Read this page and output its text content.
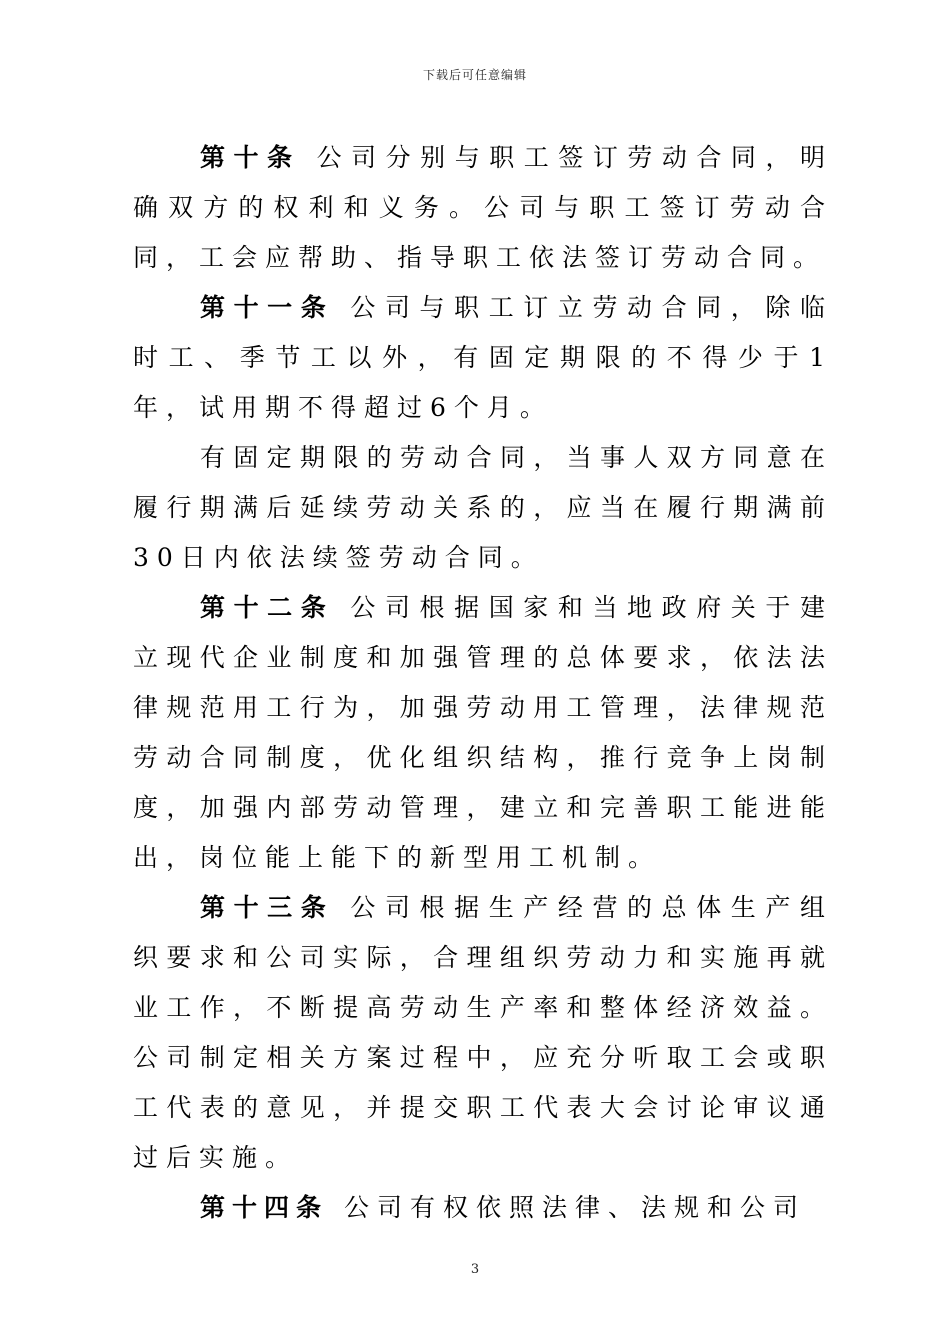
下载后可任意编辑

第十条 公司分别与职工签订劳动合同，明确双方的权利和义务。公司与职工签订劳动合同，工会应帮助、指导职工依法签订劳动合同。

第十一条 公司与职工订立劳动合同，除临时工、季节工以外，有固定期限的不得少于1年，试用期不得超过6个月。

有固定期限的劳动合同，当事人双方同意在履行期满后延续劳动关系的，应当在履行期满前30日内依法续签劳动合同。

第十二条 公司根据国家和当地政府关于建立现代企业制度和加强管理的总体要求，依法法律规范用工行为，加强劳动用工管理，法律规范劳动合同制度，优化组织结构，推行竞争上岗制度，加强内部劳动管理，建立和完善职工能进能出，岗位能上能下的新型用工机制。

第十三条 公司根据生产经营的总体生产组织要求和公司实际，合理组织劳动力和实施再就业工作，不断提高劳动生产率和整体经济效益。公司制定相关方案过程中，应充分听取工会或职工代表的意见，并提交职工代表大会讨论审议通过后实施。

第十四条 公司有权依照法律、法规和公司

3
